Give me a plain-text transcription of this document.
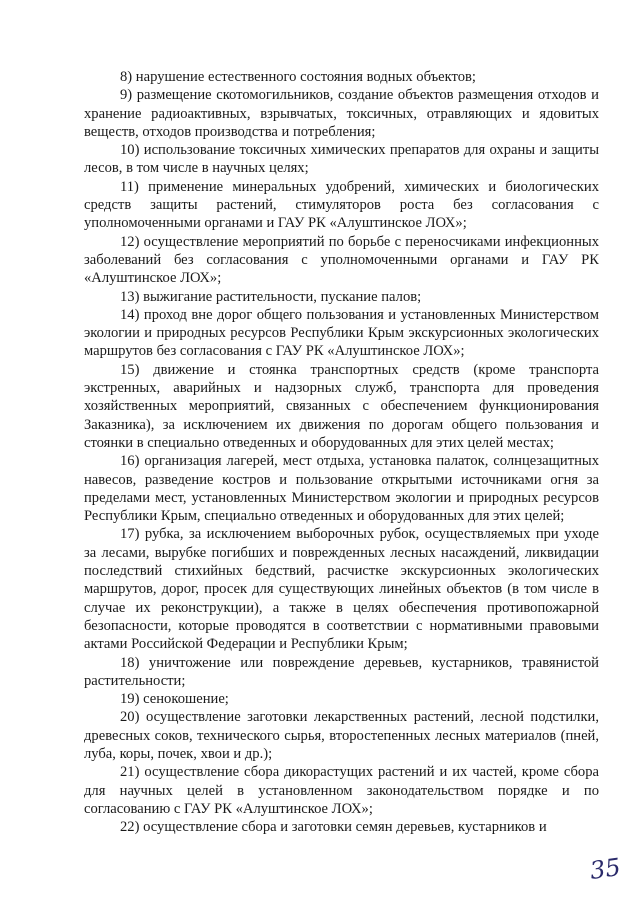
8) нарушение естественного состояния водных объектов;

9) размещение скотомогильников, создание объектов размещения отходов и хранение радиоактивных, взрывчатых, токсичных, отравляющих и ядовитых веществ, отходов производства и потребления;

10) использование токсичных химических препаратов для охраны и защиты лесов, в том числе в научных целях;

11) применение минеральных удобрений, химических и биологических средств защиты растений, стимуляторов роста без согласования с уполномоченными органами и ГАУ РК «Алуштинское ЛОХ»;

12) осуществление мероприятий по борьбе с переносчиками инфекционных заболеваний без согласования с уполномоченными органами и ГАУ РК «Алуштинское ЛОХ»;

13) выжигание растительности, пускание палов;

14) проход вне дорог общего пользования и установленных Министерством экологии и природных ресурсов Республики Крым экскурсионных экологических маршрутов без согласования с ГАУ РК «Алуштинское ЛОХ»;

15) движение и стоянка транспортных средств (кроме транспорта экстренных, аварийных и надзорных служб, транспорта для проведения хозяйственных мероприятий, связанных с обеспечением функционирования Заказника), за исключением их движения по дорогам общего пользования и стоянки в специально отведенных и оборудованных для этих целей местах;

16) организация лагерей, мест отдыха, установка палаток, солнцезащитных навесов, разведение костров и пользование открытыми источниками огня за пределами мест, установленных Министерством экологии и природных ресурсов Республики Крым, специально отведенных и оборудованных для этих целей;

17) рубка, за исключением выборочных рубок, осуществляемых при уходе за лесами, вырубке погибших и поврежденных лесных насаждений, ликвидации последствий стихийных бедствий, расчистке экскурсионных экологических маршрутов, дорог, просек для существующих линейных объектов (в том числе в случае их реконструкции), а также в целях обеспечения противопожарной безопасности, которые проводятся в соответствии с нормативными правовыми актами Российской Федерации и Республики Крым;

18) уничтожение или повреждение деревьев, кустарников, травянистой растительности;

19) сенокошение;

20) осуществление заготовки лекарственных растений, лесной подстилки, древесных соков, технического сырья, второстепенных лесных материалов (пней, луба, коры, почек, хвои и др.);

21) осуществление сбора дикорастущих растений и их частей, кроме сбора для научных целей в установленном законодательством порядке и по согласованию с ГАУ РК «Алуштинское ЛОХ»;

22) осуществление сбора и заготовки семян деревьев, кустарников и

35
